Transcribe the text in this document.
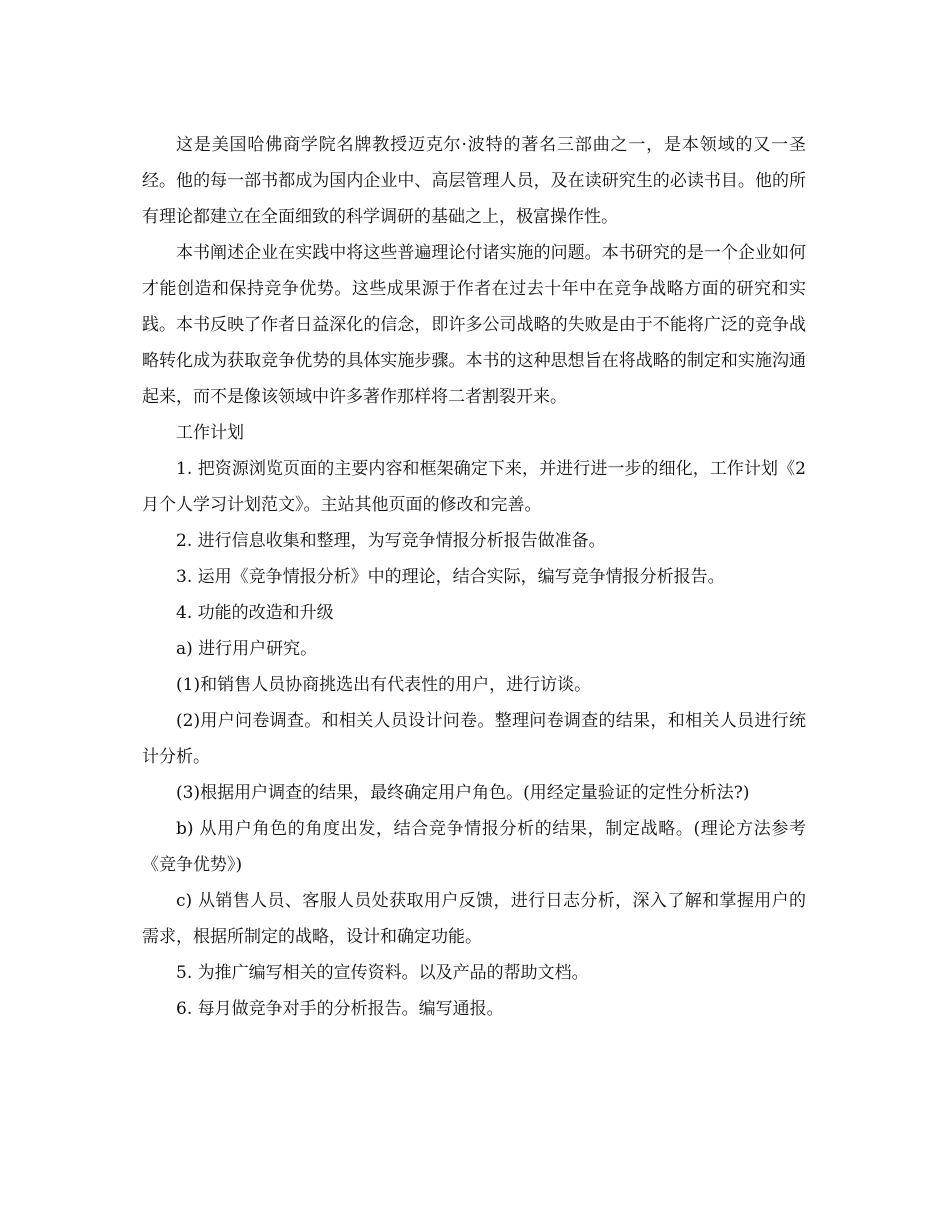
这是美国哈佛商学院名牌教授迈克尔·波特的著名三部曲之一，是本领域的又一圣经。他的每一部书都成为国内企业中、高层管理人员，及在读研究生的必读书目。他的所有理论都建立在全面细致的科学调研的基础之上，极富操作性。

本书阐述企业在实践中将这些普遍理论付诸实施的问题。本书研究的是一个企业如何才能创造和保持竞争优势。这些成果源于作者在过去十年中在竞争战略方面的研究和实践。本书反映了作者日益深化的信念，即许多公司战略的失败是由于不能将广泛的竞争战略转化成为获取竞争优势的具体实施步骤。本书的这种思想旨在将战略的制定和实施沟通起来，而不是像该领域中许多著作那样将二者割裂开来。

工作计划

1. 把资源浏览页面的主要内容和框架确定下来，并进行进一步的细化，工作计划《2月个人学习计划范文》。主站其他页面的修改和完善。

2. 进行信息收集和整理，为写竞争情报分析报告做准备。

3. 运用《竞争情报分析》中的理论，结合实际，编写竞争情报分析报告。

4. 功能的改造和升级

a) 进行用户研究。

(1)和销售人员协商挑选出有代表性的用户，进行访谈。

(2)用户问卷调查。和相关人员设计问卷。整理问卷调查的结果，和相关人员进行统计分析。

(3)根据用户调查的结果，最终确定用户角色。(用经定量验证的定性分析法?)

b) 从用户角色的角度出发，结合竞争情报分析的结果，制定战略。(理论方法参考《竞争优势》)

c) 从销售人员、客服人员处获取用户反馈，进行日志分析，深入了解和掌握用户的需求，根据所制定的战略，设计和确定功能。

5. 为推广编写相关的宣传资料。以及产品的帮助文档。

6. 每月做竞争对手的分析报告。编写通报。
